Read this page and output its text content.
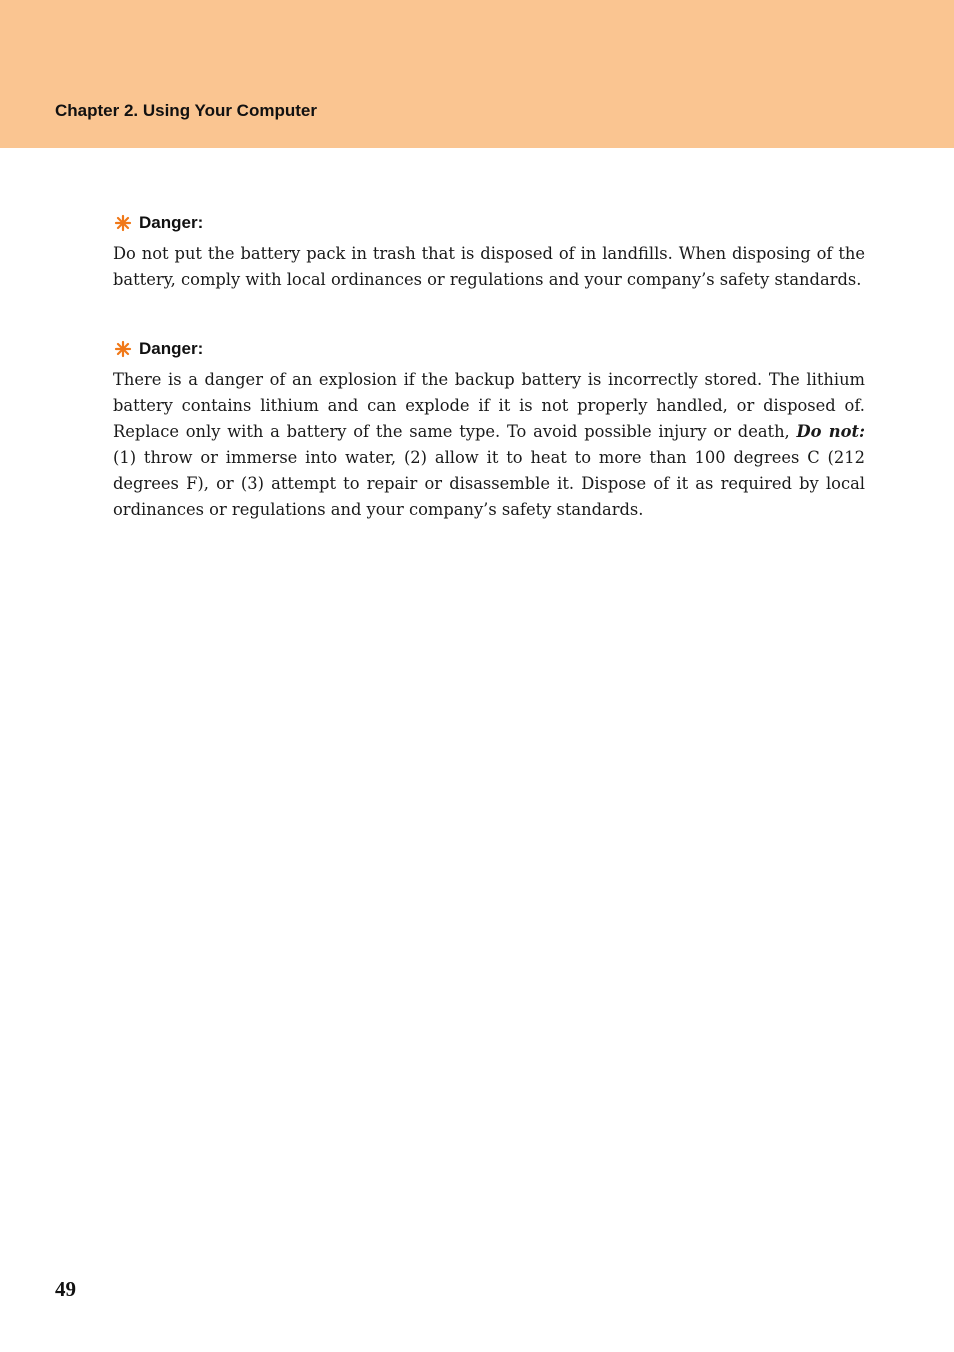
Chapter 2. Using Your Computer
Danger:

Do not put the battery pack in trash that is disposed of in landfills. When disposing of the battery, comply with local ordinances or regulations and your company’s safety standards.

Danger:

There is a danger of an explosion if the backup battery is incorrectly stored. The lithium battery contains lithium and can explode if it is not properly handled, or disposed of. Replace only with a battery of the same type. To avoid possible injury or death, Do not: (1) throw or immerse into water, (2) allow it to heat to more than 100 degrees C (212 degrees F), or (3) attempt to repair or disassemble it. Dispose of it as required by local ordinances or regulations and your company’s safety standards.

49
